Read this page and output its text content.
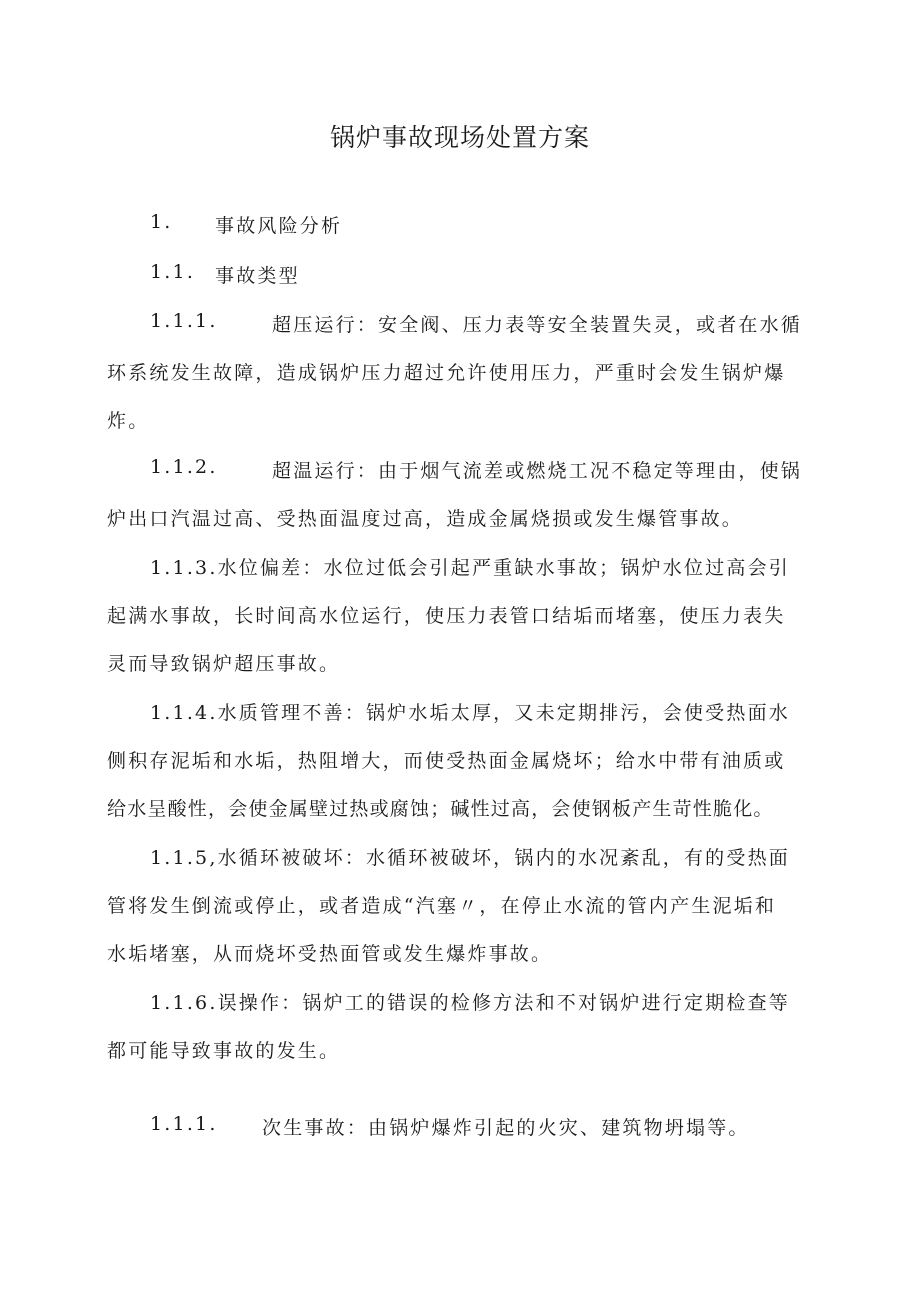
锅炉事故现场处置方案
1. 事故风险分析
1.1. 事故类型
1.1.1.	超压运行：安全阀、压力表等安全装置失灵，或者在水循
环系统发生故障，造成锅炉压力超过允许使用压力，严重时会发生锅炉爆
炸。
1.1.2.	超温运行：由于烟气流差或燃烧工况不稳定等理由，使锅
炉出口汽温过高、受热面温度过高，造成金属烧损或发生爆管事故。
1.1.3.水位偏差：水位过低会引起严重缺水事故；锅炉水位过高会引
起满水事故，长时间高水位运行，使压力表管口结垢而堵塞，使压力表失
灵而导致锅炉超压事故。
1.1.4.水质管理不善：锅炉水垢太厚，又未定期排污，会使受热面水
侧积存泥垢和水垢，热阻增大，而使受热面金属烧坏；给水中带有油质或
给水呈酸性，会使金属壁过热或腐蚀；碱性过高，会使钢板产生苛性脆化。
1.1.5,水循环被破坏：水循环被破坏，锅内的水况紊乱，有的受热面
管将发生倒流或停止，或者造成“汽塞〃，在停止水流的管内产生泥垢和
水垢堵塞，从而烧坏受热面管或发生爆炸事故。
1.1.6.误操作：锅炉工的错误的检修方法和不对锅炉进行定期检查等
都可能导致事故的发生。
1.1.1. 次生事故：由锅炉爆炸引起的火灾、建筑物坍塌等。
